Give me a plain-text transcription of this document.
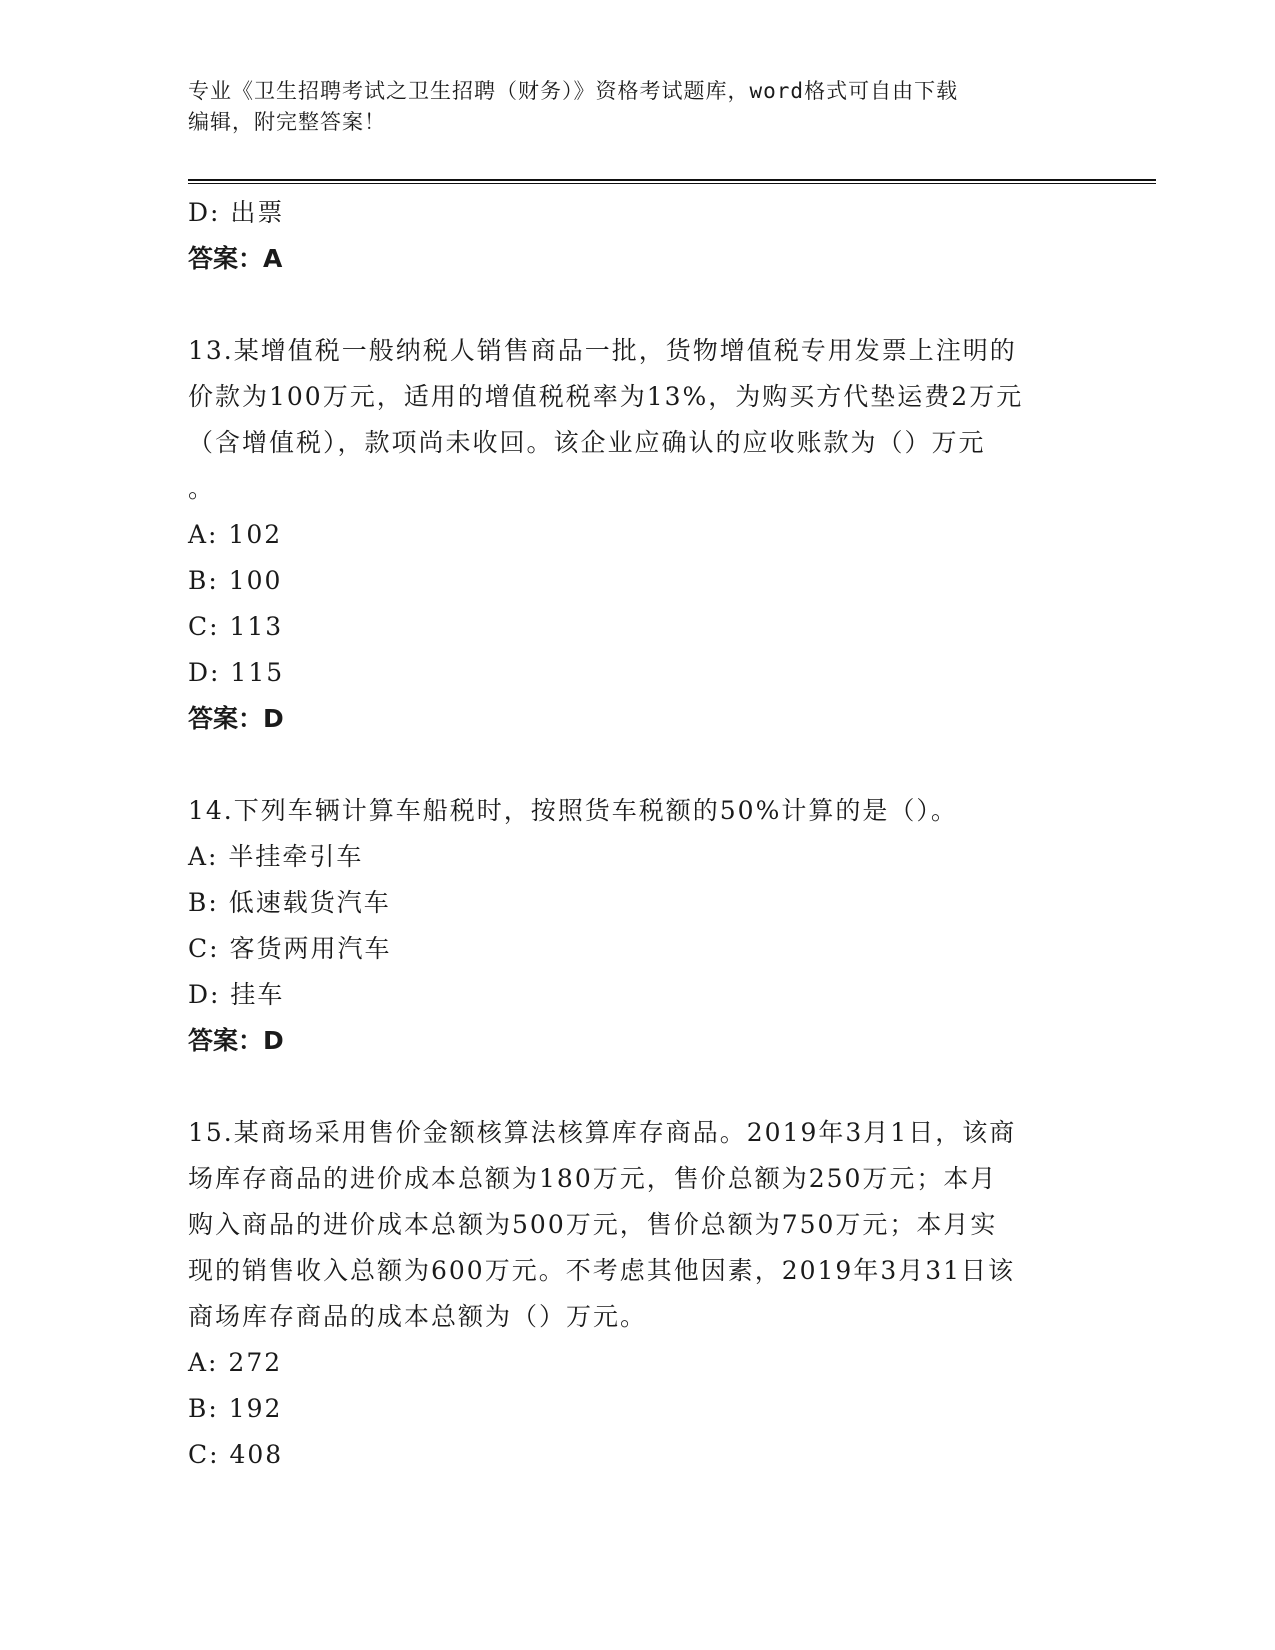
专业《卫生招聘考试之卫生招聘（财务）》资格考试题库，word格式可自由下载
编辑，附完整答案！
D: 出票
答案：A
13.某增值税一般纳税人销售商品一批，货物增值税专用发票上注明的
价款为100万元，适用的增值税税率为13%，为购买方代垫运费2万元
（含增值税），款项尚未收回。该企业应确认的应收账款为（）万元
。
A: 102
B: 100
C: 113
D: 115
答案：D
14.下列车辆计算车船税时，按照货车税额的50%计算的是（）。
A: 半挂牵引车
B: 低速载货汽车
C: 客货两用汽车
D: 挂车
答案：D
15.某商场采用售价金额核算法核算库存商品。2019年3月1日，该商
场库存商品的进价成本总额为180万元，售价总额为250万元；本月
购入商品的进价成本总额为500万元，售价总额为750万元；本月实
现的销售收入总额为600万元。不考虑其他因素，2019年3月31日该
商场库存商品的成本总额为（）万元。
A: 272
B: 192
C: 408
